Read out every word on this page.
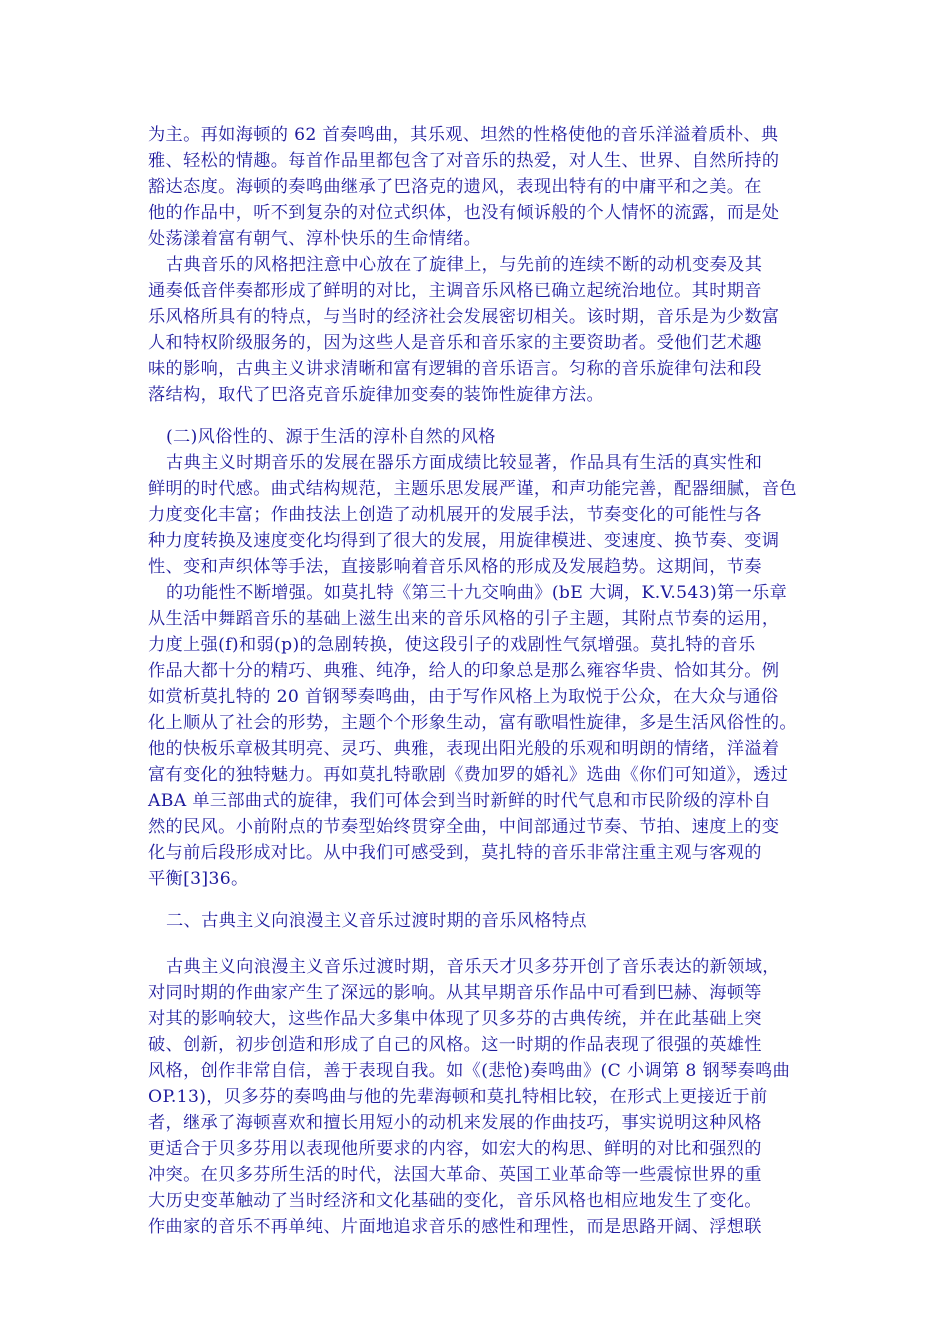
为主。再如海顿的 62 首奏鸣曲，其乐观、坦然的性格使他的音乐洋溢着质朴、典
雅、轻松的情趣。每首作品里都包含了对音乐的热爱，对人生、世界、自然所持的
豁达态度。海顿的奏鸣曲继承了巴洛克的遗风，表现出特有的中庸平和之美。在
他的作品中，听不到复杂的对位式织体，也没有倾诉般的个人情怀的流露，而是处
处荡漾着富有朝气、淳朴快乐的生命情绪。
古典音乐的风格把注意中心放在了旋律上，与先前的连续不断的动机变奏及其
通奏低音伴奏都形成了鲜明的对比，主调音乐风格已确立起统治地位。其时期音
乐风格所具有的特点，与当时的经济社会发展密切相关。该时期，音乐是为少数富
人和特权阶级服务的，因为这些人是音乐和音乐家的主要资助者。受他们艺术趣
味的影响，古典主义讲求清晰和富有逻辑的音乐语言。匀称的音乐旋律句法和段
落结构，取代了巴洛克音乐旋律加变奏的装饰性旋律方法。
(二)风俗性的、源于生活的淳朴自然的风格
古典主义时期音乐的发展在器乐方面成绩比较显著，作品具有生活的真实性和
鲜明的时代感。曲式结构规范，主题乐思发展严谨，和声功能完善，配器细腻，音色
力度变化丰富；作曲技法上创造了动机展开的发展手法，节奏变化的可能性与各
种力度转换及速度变化均得到了很大的发展，用旋律模进、变速度、换节奏、变调
性、变和声织体等手法，直接影响着音乐风格的形成及发展趋势。这期间，节奏
的功能性不断增强。如莫扎特《第三十九交响曲》(bE 大调，K.V.543)第一乐章
从生活中舞蹈音乐的基础上滋生出来的音乐风格的引子主题，其附点节奏的运用，
力度上强(f)和弱(p)的急剧转换，使这段引子的戏剧性气氛增强。莫扎特的音乐
作品大都十分的精巧、典雅、纯净，给人的印象总是那么雍容华贵、恰如其分。例
如赏析莫扎特的 20 首钢琴奏鸣曲，由于写作风格上为取悦于公众，在大众与通俗
化上顺从了社会的形势，主题个个形象生动，富有歌唱性旋律，多是生活风俗性的。
他的快板乐章极其明亮、灵巧、典雅，表现出阳光般的乐观和明朗的情绪，洋溢着
富有变化的独特魅力。再如莫扎特歌剧《费加罗的婚礼》选曲《你们可知道》，透过
ABA 单三部曲式的旋律，我们可体会到当时新鲜的时代气息和市民阶级的淳朴自
然的民风。小前附点的节奏型始终贯穿全曲，中间部通过节奏、节拍、速度上的变
化与前后段形成对比。从中我们可感受到，莫扎特的音乐非常注重主观与客观的
平衡[3]36。
二、古典主义向浪漫主义音乐过渡时期的音乐风格特点
古典主义向浪漫主义音乐过渡时期，音乐天才贝多芬开创了音乐表达的新领域，
对同时期的作曲家产生了深远的影响。从其早期音乐作品中可看到巴赫、海顿等
对其的影响较大，这些作品大多集中体现了贝多芬的古典传统，并在此基础上突
破、创新，初步创造和形成了自己的风格。这一时期的作品表现了很强的英雄性
风格，创作非常自信，善于表现自我。如《(悲怆)奏鸣曲》(C 小调第 8 钢琴奏鸣曲
OP.13)，贝多芬的奏鸣曲与他的先辈海顿和莫扎特相比较，在形式上更接近于前
者，继承了海顿喜欢和擅长用短小的动机来发展的作曲技巧，事实说明这种风格
更适合于贝多芬用以表现他所要求的内容，如宏大的构思、鲜明的对比和强烈的
冲突。在贝多芬所生活的时代，法国大革命、英国工业革命等一些震惊世界的重
大历史变革触动了当时经济和文化基础的变化，音乐风格也相应地发生了变化。
作曲家的音乐不再单纯、片面地追求音乐的感性和理性，而是思路开阔、浮想联
